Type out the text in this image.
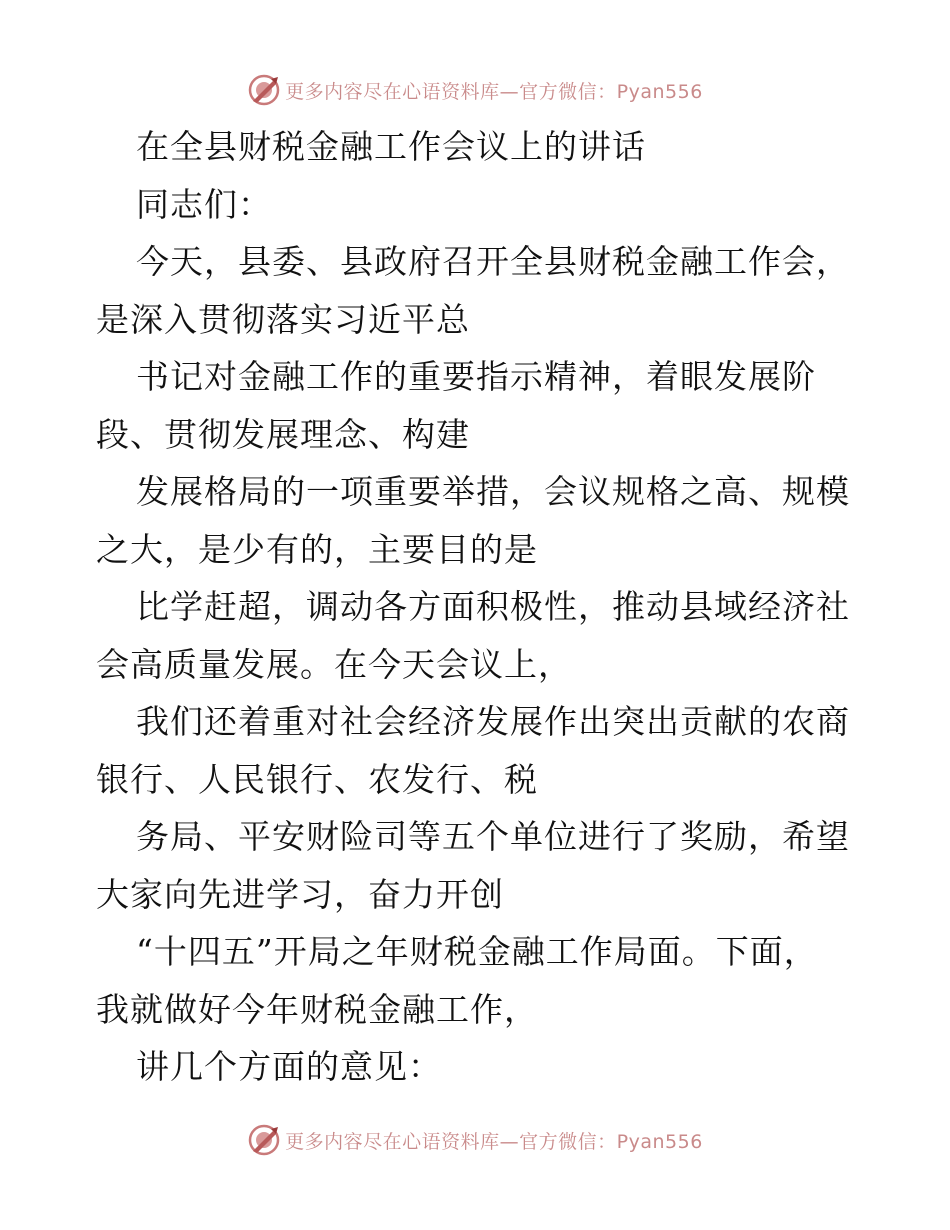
更多内容尽在心语资料库—官方微信：Pyan556
在全县财税金融工作会议上的讲话
同志们：
今天，县委、县政府召开全县财税金融工作会，
是深入贯彻落实习近平总
书记对金融工作的重要指示精神，着眼发展阶
段、贯彻发展理念、构建
发展格局的一项重要举措，会议规格之高、规模
之大，是少有的，主要目的是
比学赶超，调动各方面积极性，推动县域经济社
会高质量发展。在今天会议上，
我们还着重对社会经济发展作出突出贡献的农商
银行、人民银行、农发行、税
务局、平安财险司等五个单位进行了奖励，希望
大家向先进学习，奋力开创
“十四五”开局之年财税金融工作局面。下面，
我就做好今年财税金融工作，
讲几个方面的意见：
更多内容尽在心语资料库—官方微信：Pyan556
